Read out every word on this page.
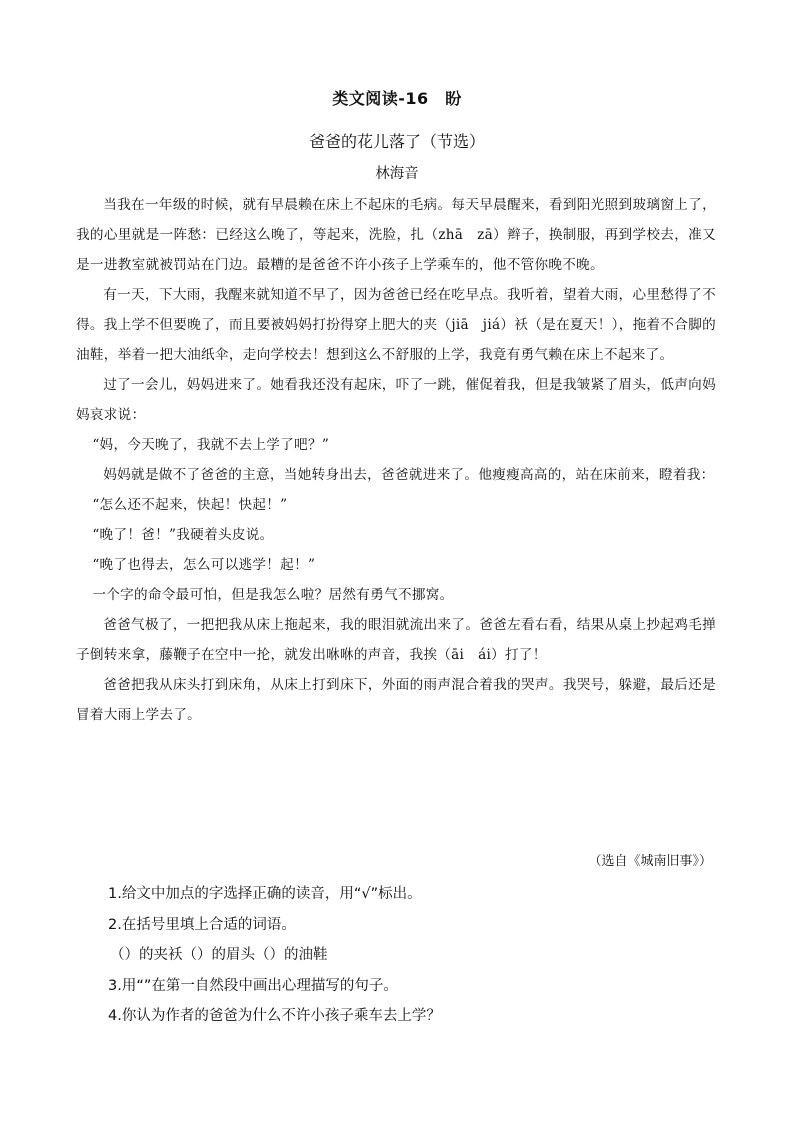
类文阅读-16　盼
爸爸的花儿落了（节选）
林海音

当我在一年级的时候，就有早晨赖在床上不起床的毛病。每天早晨醒来，看到阳光照到玻璃窗上了，我的心里就是一阵愁：已经这么晚了，等起来，洗脸，扎（zhā　zā）辫子，换制服，再到学校去，准又是一进教室就被罚站在门边。最糟的是爸爸不许小孩子上学乘车的，他不管你晚不晚。

有一天，下大雨，我醒来就知道不早了，因为爸爸已经在吃早点。我听着，望着大雨，心里愁得了不得。我上学不但要晚了，而且要被妈妈打扮得穿上肥大的夹（jiā　jiá）袄（是在夏天！），拖着不合脚的油鞋，举着一把大油纸伞，走向学校去！想到这么不舒服的上学，我竟有勇气赖在床上不起来了。

过了一会儿，妈妈进来了。她看我还没有起床，吓了一跳，催促着我，但是我皱紧了眉头，低声向妈妈哀求说：

“妈，今天晚了，我就不去上学了吧？”

妈妈就是做不了爸爸的主意，当她转身出去，爸爸就进来了。他瘦瘦高高的，站在床前来，瞪着我：

“怎么还不起来，快起！快起！”

“晚了！爸！”我硬着头皮说。

“晚了也得去，怎么可以逃学！起！”

一个字的命令最可怕，但是我怎么啦？居然有勇气不挪窝。

爸爸气极了，一把把我从床上拖起来，我的眼泪就流出来了。爸爸左看右看，结果从桌上抄起鸡毛掸子倒转来拿，藤鞭子在空中一抡，就发出咻咻的声音，我挨（āi　ái）打了！

爸爸把我从床头打到床角，从床上打到床下，外面的雨声混合着我的哭声。我哭号，躲避，最后还是冒着大雨上学去了。

（选自《城南旧事》）
1.给文中加点的字选择正确的读音，用“√”标出。
2.在括号里填上合适的词语。
（）的夹袄（）的眉头（）的油鞋
3.用“”在第一自然段中画出心理描写的句子。
4.你认为作者的爸爸为什么不许小孩子乘车去上学？
